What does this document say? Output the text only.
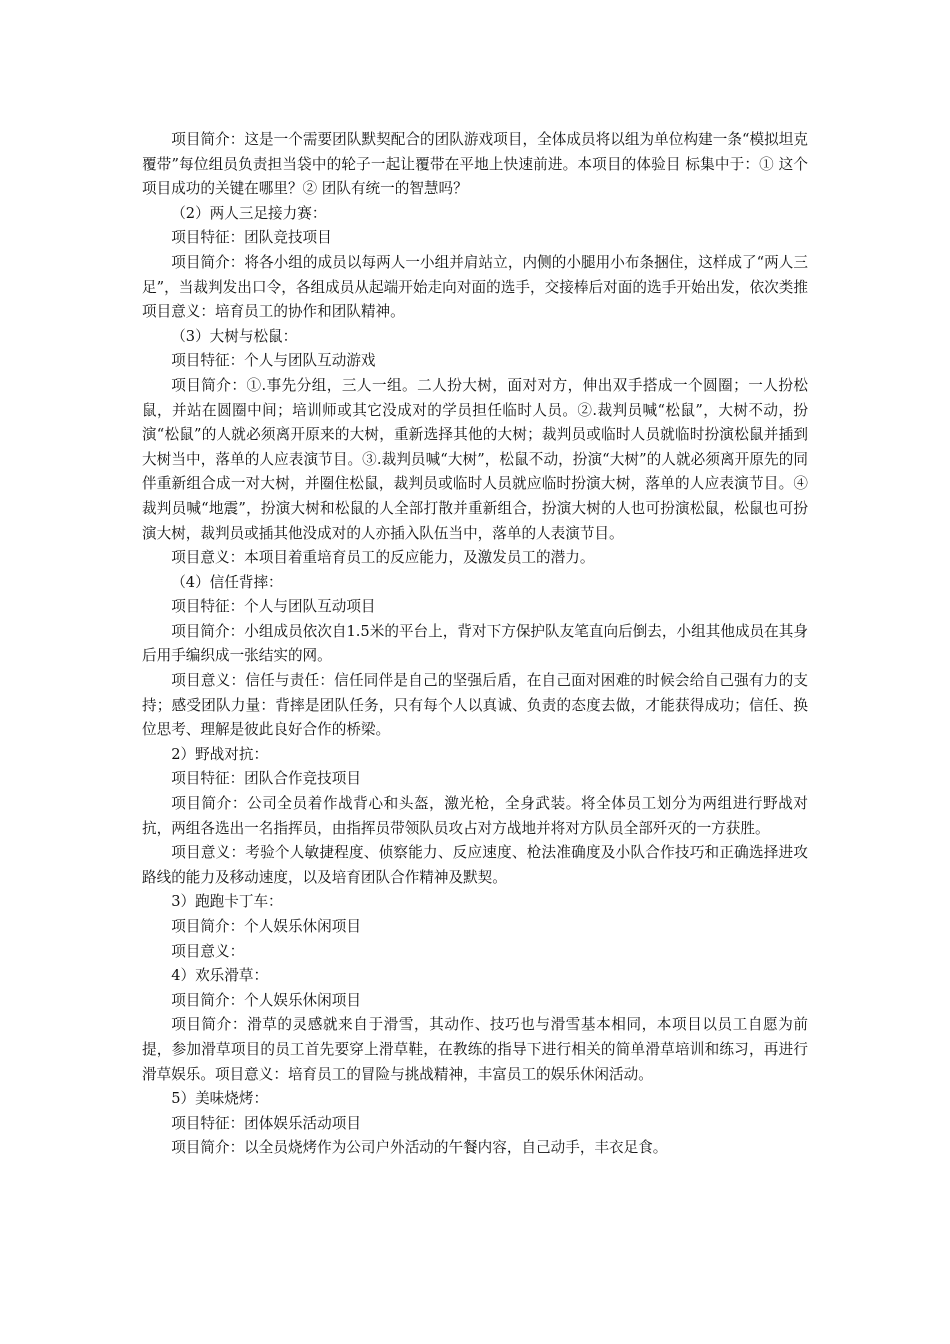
项目简介：这是一个需要团队默契配合的团队游戏项目，全体成员将以组为单位构建一条“模拟坦克覆带”每位组员负责担当袋中的轮子一起让覆带在平地上快速前进。本项目的体验目 标集中于：① 这个项目成功的关键在哪里？② 团队有统一的智慧吗？

（2）两人三足接力赛：

项目特征：团队竞技项目

项目简介：将各小组的成员以每两人一小组并肩站立，内侧的小腿用小布条捆住，这样成了“两人三足”，当裁判发出口令，各组成员从起端开始走向对面的选手，交接棒后对面的选手开始出发，依次类推项目意义：培育员工的协作和团队精神。

（3）大树与松鼠：

项目特征：个人与团队互动游戏

项目简介：①.事先分组，三人一组。二人扮大树，面对对方，伸出双手搭成一个圆圈；一人扮松鼠，并站在圆圈中间；培训师或其它没成对的学员担任临时人员。②.裁判员喊“松鼠”，大树不动，扮演“松鼠”的人就必须离开原来的大树，重新选择其他的大树；裁判员或临时人员就临时扮演松鼠并插到大树当中，落单的人应表演节目。③.裁判员喊“大树”，松鼠不动，扮演“大树”的人就必须离开原先的同伴重新组合成一对大树，并圈住松鼠，裁判员或临时人员就应临时扮演大树，落单的人应表演节目。④裁判员喊“地震”，扮演大树和松鼠的人全部打散并重新组合，扮演大树的人也可扮演松鼠，松鼠也可扮演大树，裁判员或插其他没成对的人亦插入队伍当中，落单的人表演节目。

项目意义：本项目着重培育员工的反应能力，及激发员工的潜力。

（4）信任背摔：

项目特征：个人与团队互动项目

项目简介：小组成员依次自1.5米的平台上，背对下方保护队友笔直向后倒去，小组其他成员在其身后用手编织成一张结实的网。

项目意义：信任与责任：信任同伴是自己的坚强后盾，在自己面对困难的时候会给自己强有力的支持；感受团队力量：背摔是团队任务，只有每个人以真诚、负责的态度去做，才能获得成功；信任、换位思考、理解是彼此良好合作的桥梁。

2）野战对抗：

项目特征：团队合作竞技项目

项目简介：公司全员着作战背心和头盔，激光枪，全身武装。将全体员工划分为两组进行野战对抗，两组各选出一名指挥员，由指挥员带领队员攻占对方战地并将对方队员全部歼灭的一方获胜。

项目意义：考验个人敏捷程度、侦察能力、反应速度、枪法准确度及小队合作技巧和正确选择进攻路线的能力及移动速度，以及培育团队合作精神及默契。

3）跑跑卡丁车：

项目简介：个人娱乐休闲项目

项目意义：

4）欢乐滑草：

项目简介：个人娱乐休闲项目

项目简介：滑草的灵感就来自于滑雪，其动作、技巧也与滑雪基本相同，本项目以员工自愿为前提，参加滑草项目的员工首先要穿上滑草鞋，在教练的指导下进行相关的简单滑草培训和练习，再进行滑草娱乐。项目意义：培育员工的冒险与挑战精神，丰富员工的娱乐休闲活动。

5）美味烧烤：

项目特征：团体娱乐活动项目

项目简介：以全员烧烤作为公司户外活动的午餐内容，自己动手，丰衣足食。
